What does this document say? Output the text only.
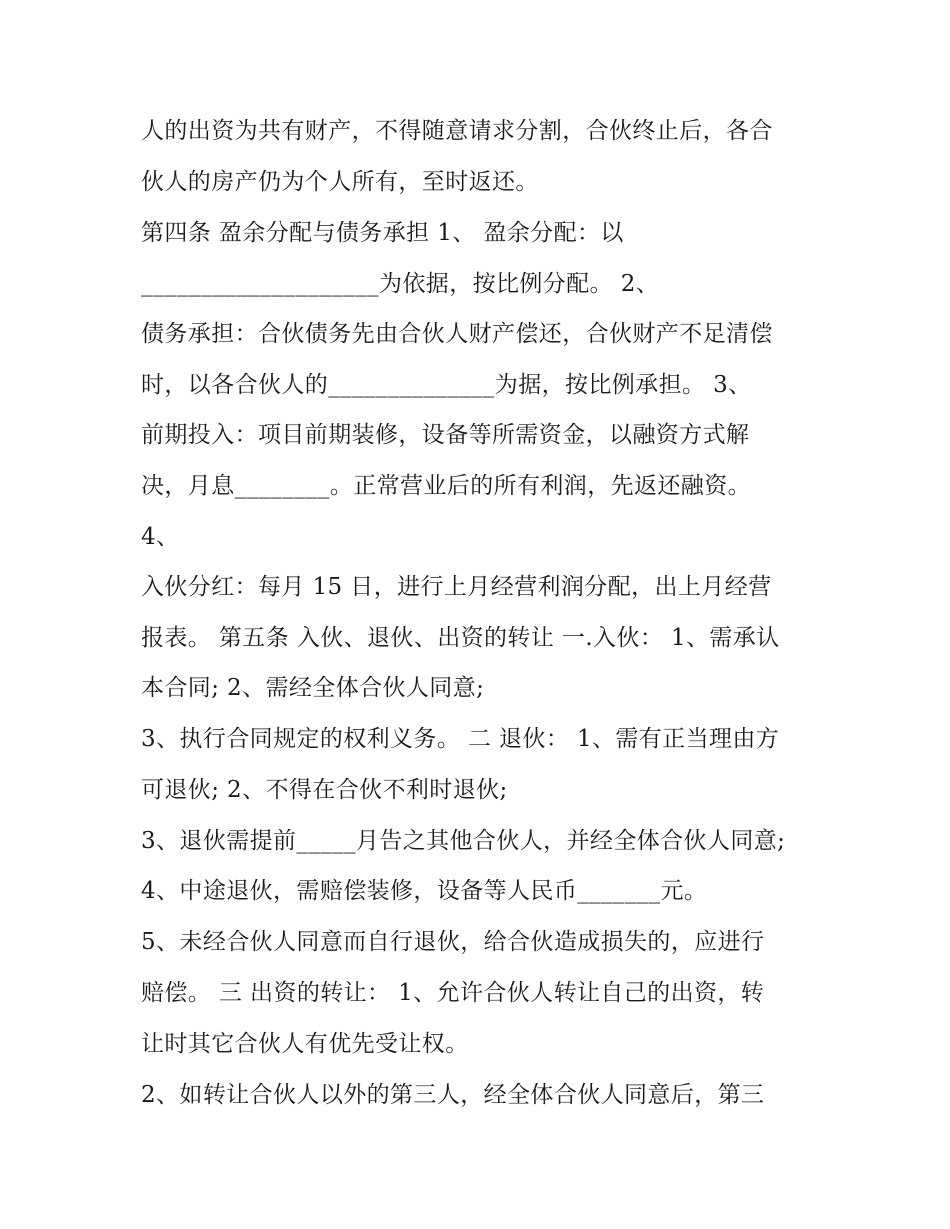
人的出资为共有财产，不得随意请求分割，合伙终止后，各合
伙人的房产仍为个人所有，至时返还。
第四条 盈余分配与债务承担 1、 盈余分配：以
____________________为依据，按比例分配。 2、
债务承担：合伙债务先由合伙人财产偿还，合伙财产不足清偿
时，以各合伙人的______________为据，按比例承担。 3、
前期投入：项目前期装修，设备等所需资金，以融资方式解
决，月息________。正常营业后的所有利润，先返还融资。
4、
入伙分红：每月 15 日，进行上月经营利润分配，出上月经营
报表。 第五条 入伙、退伙、出资的转让 一.入伙： 1、需承认
本合同; 2、需经全体合伙人同意;
3、执行合同规定的权利义务。 二 退伙： 1、需有正当理由方
可退伙; 2、不得在合伙不利时退伙;
3、退伙需提前_____月告之其他合伙人，并经全体合伙人同意;
4、中途退伙，需赔偿装修，设备等人民币_______元。
5、未经合伙人同意而自行退伙，给合伙造成损失的，应进行
赔偿。 三 出资的转让： 1、允许合伙人转让自己的出资，转
让时其它合伙人有优先受让权。
2、如转让合伙人以外的第三人，经全体合伙人同意后，第三
